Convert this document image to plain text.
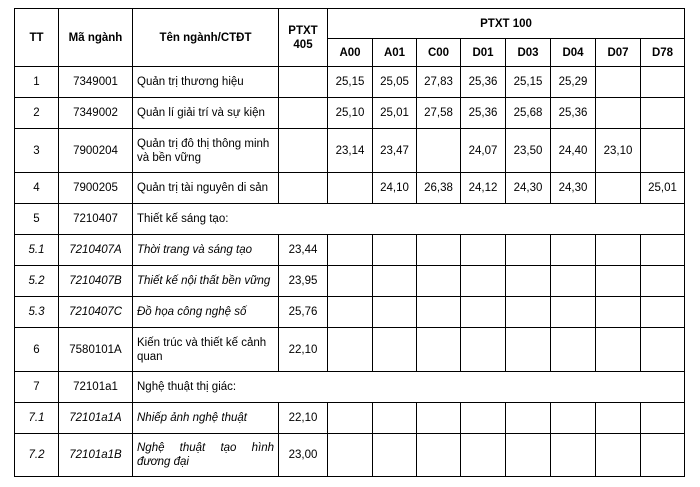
TT	Mã ngành	Tên ngành/CTĐT	PTXT 405	PTXT 100							
				A00	A01	C00	D01	D03	D04	D07	D78
1	7349001	Quản trị thương hiệu		25,15	25,05	27,83	25,36	25,15	25,29		
2	7349002	Quản lí giải trí và sự kiện		25,10	25,01	27,58	25,36	25,68	25,36		
3	7900204	Quản trị đô thị thông minh và bền vững		23,14	23,47		24,07	23,50	24,40	23,10	
4	7900205	Quản trị tài nguyên di sản			24,10	26,38	24,12	24,30	24,30		25,01
5	7210407	Thiết kế sáng tạo:									
5.1	7210407A	Thời trang và sáng tạo	23,44								
5.2	7210407B	Thiết kế nội thất bền vững	23,95								
5.3	7210407C	Đồ họa công nghệ số	25,76								
6	7580101A	Kiến trúc và thiết kế cảnh quan	22,10								
7	72101a1	Nghệ thuật thị giác:									
7.1	72101a1A	Nhiếp ảnh nghệ thuật	22,10								
7.2	72101a1B	Nghệ thuật tạo hình đương đại	23,00								
